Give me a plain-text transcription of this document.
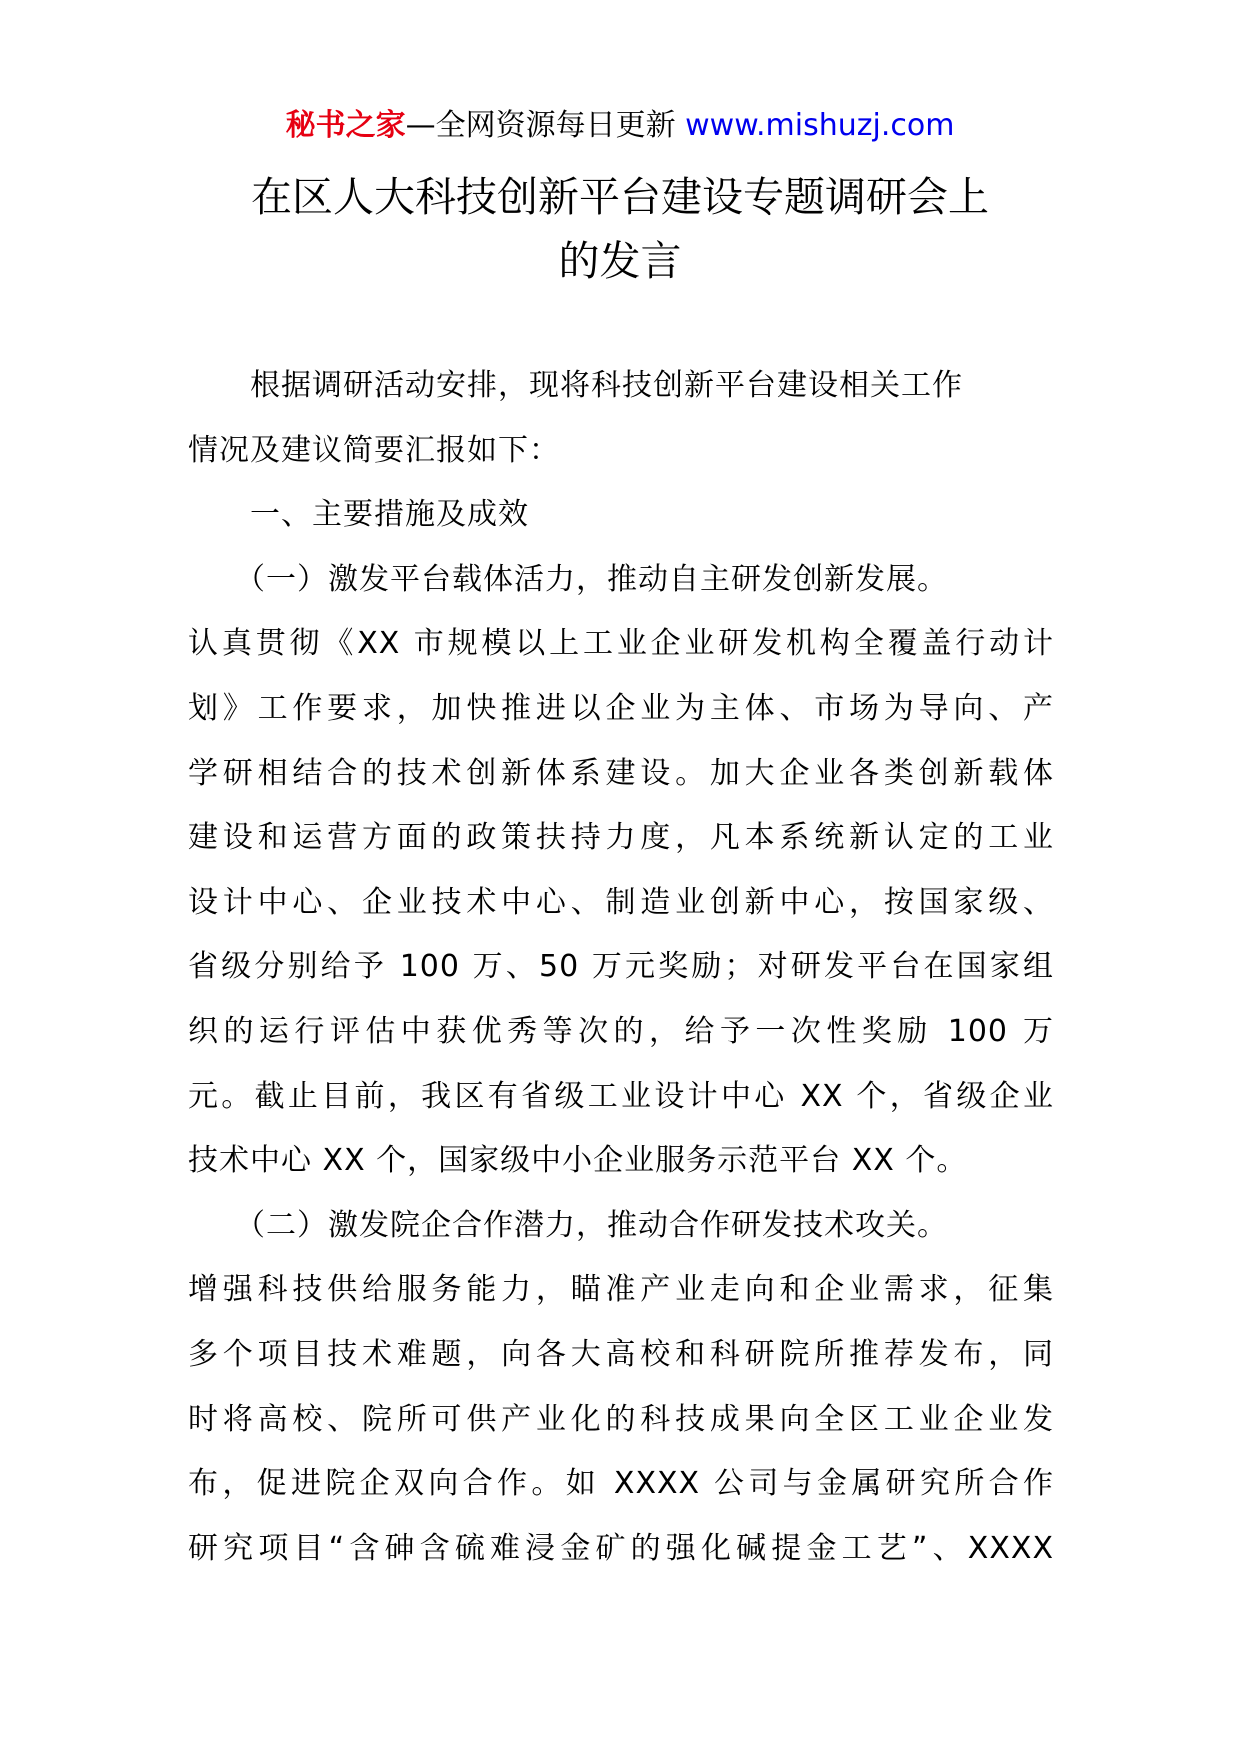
秘书之家—全网资源每日更新 www.mishuzj.com
在区人大科技创新平台建设专题调研会上
的发言
　　根据调研活动安排，现将科技创新平台建设相关工作
情况及建议简要汇报如下：
　　一、主要措施及成效
　　（一）激发平台载体活力，推动自主研发创新发展。
认真贯彻《XX 市规模以上工业企业研发机构全覆盖行动计
划》工作要求，加快推进以企业为主体、市场为导向、产
学研相结合的技术创新体系建设。加大企业各类创新载体
建设和运营方面的政策扶持力度，凡本系统新认定的工业
设计中心、企业技术中心、制造业创新中心，按国家级、
省级分别给予 100 万、50 万元奖励；对研发平台在国家组
织的运行评估中获优秀等次的，给予一次性奖励 100 万
元。截止目前，我区有省级工业设计中心 XX 个，省级企业
技术中心 XX 个，国家级中小企业服务示范平台 XX 个。
　　（二）激发院企合作潜力，推动合作研发技术攻关。
增强科技供给服务能力，瞄准产业走向和企业需求，征集
多个项目技术难题，向各大高校和科研院所推荐发布，同
时将高校、院所可供产业化的科技成果向全区工业企业发
布，促进院企双向合作。如 XXXX 公司与金属研究所合作
研究项目“含砷含硫难浸金矿的强化碱提金工艺”、XXXX
